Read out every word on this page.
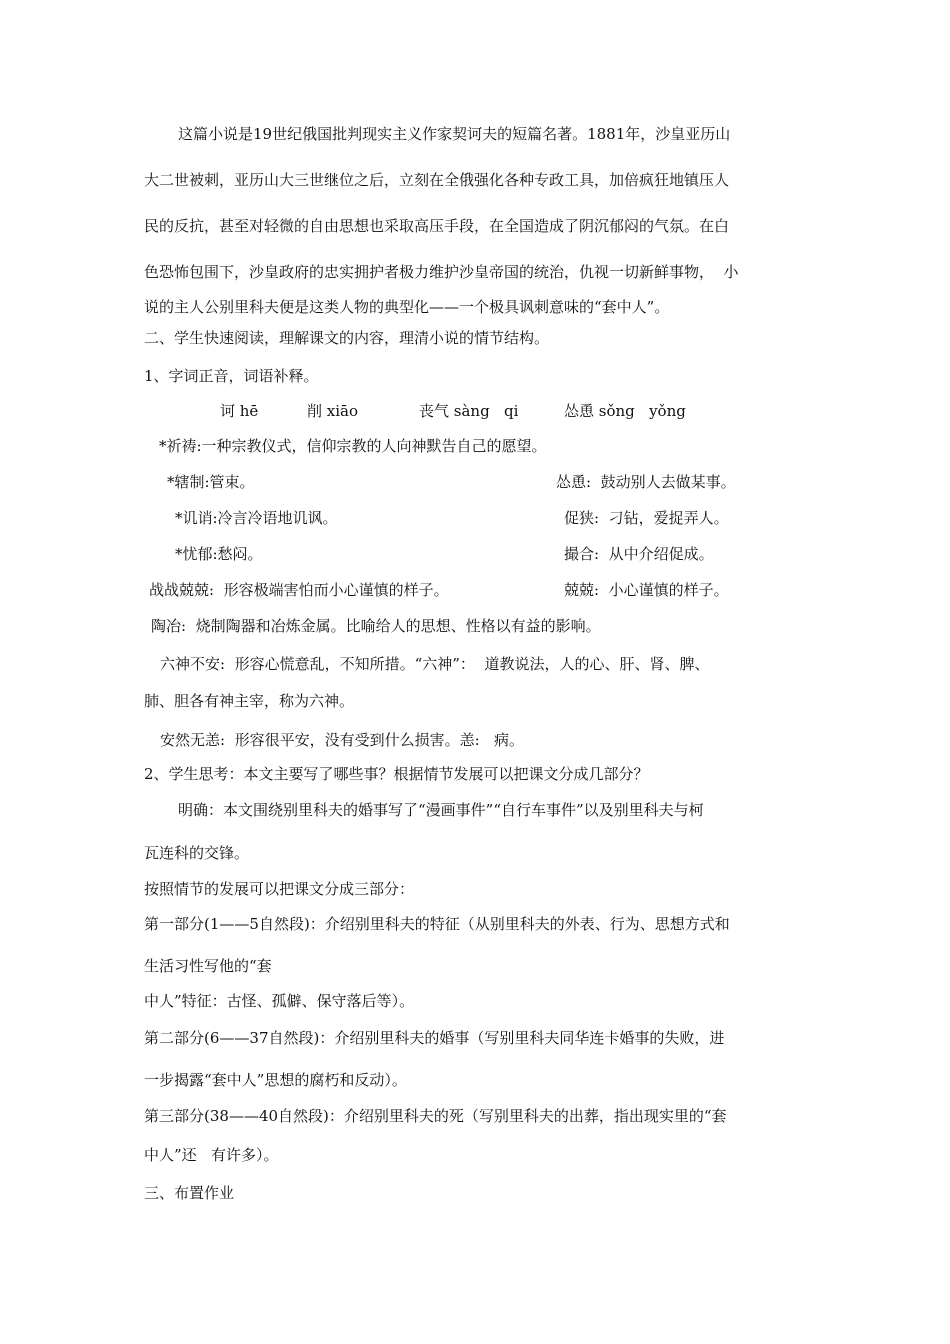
这篇小说是19世纪俄国批判现实主义作家契诃夫的短篇名著。1881年，沙皇亚历山
大二世被刺，亚历山大三世继位之后，立刻在全俄强化各种专政工具，加倍疯狂地镇压人
民的反抗，甚至对轻微的自由思想也采取高压手段，在全国造成了阴沉郁闷的气氛。在白
色恐怖包围下，沙皇政府的忠实拥护者极力维护沙皇帝国的统治，仇视一切新鲜事物，  小
说的主人公别里科夫便是这类人物的典型化——一个极具讽刺意味的“套中人”。
二、学生快速阅读，理解课文的内容，理清小说的情节结构。
1、字词正音，词语补释。
诃 hē	削 xiāo	丧气 sàng   qi	怂恿 sǒng   yǒng
*祈祷:一种宗教仪式，信仰宗教的人向神默告自己的愿望。
*辖制:管束。	怂恿:  鼓动别人去做某事。
*讥诮:冷言冷语地讥讽。	促狭:  刁钻，爱捉弄人。
*忧郁:愁闷。	撮合:  从中介绍促成。
战战兢兢:  形容极端害怕而小心谨慎的样子。	兢兢:  小心谨慎的样子。
陶冶:  烧制陶器和冶炼金属。比喻给人的思想、性格以有益的影响。
六神不安:  形容心慌意乱，不知所措。“六神”：  道教说法，人的心、肝、肾、脾、
肺、胆各有神主宰，称为六神。
安然无恙:  形容很平安，没有受到什么损害。恙:   病。
2、学生思考：本文主要写了哪些事？根据情节发展可以把课文分成几部分？
明确：本文围绕别里科夫的婚事写了“漫画事件”“自行车事件”以及别里科夫与柯
瓦连科的交锋。
按照情节的发展可以把课文分成三部分：
第一部分(1——5自然段)：介绍别里科夫的特征（从别里科夫的外表、行为、思想方式和
生活习性写他的“套
中人”特征：古怪、孤僻、保守落后等）。
第二部分(6——37自然段)：介绍别里科夫的婚事（写别里科夫同华连卡婚事的失败，进
一步揭露“套中人”思想的腐朽和反动）。
第三部分(38——40自然段)：介绍别里科夫的死（写别里科夫的出葬，指出现实里的“套
中人”还   有许多）。
三、布置作业
